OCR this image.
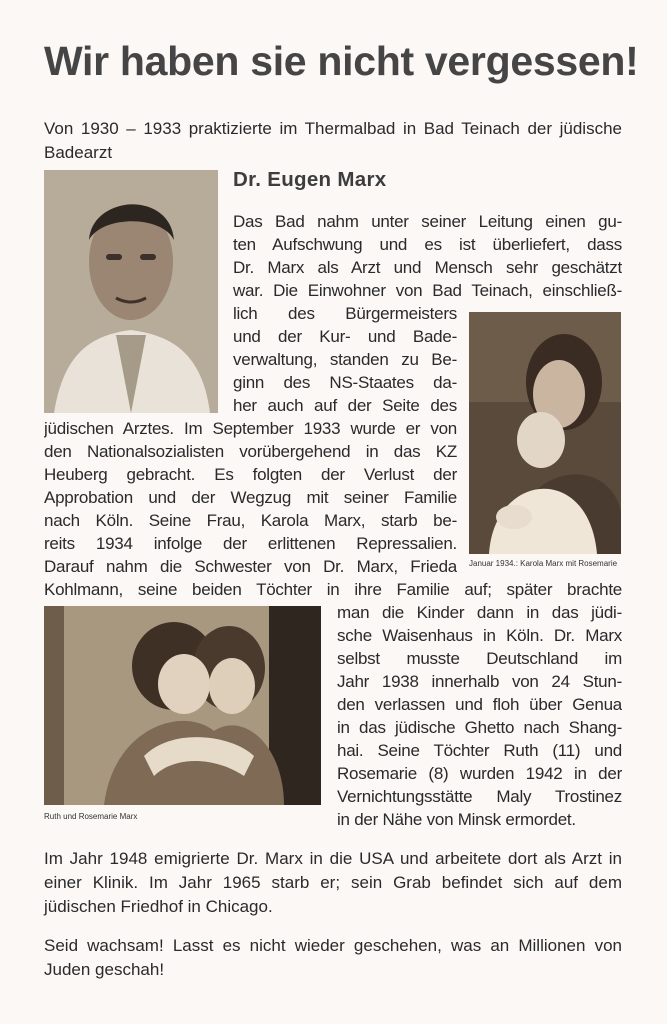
Wir haben sie nicht vergessen!

Von 1930 – 1933 praktizierte im Thermalbad in Bad Teinach der jüdische Badearzt

Dr. Eugen Marx
Januar 1934.: Karola Marx mit Rosemarie
Ruth und Rosemarie Marx
Das Bad nahm unter seiner Leitung einen gu-
ten Aufschwung und es ist überliefert, dass
Dr. Marx als Arzt und Mensch sehr geschätzt
war. Die Einwohner von Bad Teinach, einschließ-
lich des Bürgermeisters
und der Kur- und Bade-
verwaltung, standen zu Be-
ginn des NS-Staates da-
her auch auf der Seite des
jüdischen Arztes. Im September 1933 wurde er von
den Nationalsozialisten vorübergehend in das KZ
Heuberg gebracht. Es folgten der Verlust der
Approbation und der Wegzug mit seiner Familie
nach Köln. Seine Frau, Karola Marx, starb be-
reits 1934 infolge der erlittenen Repressalien.
Darauf nahm die Schwester von Dr. Marx, Frieda
Kohlmann, seine beiden Töchter in ihre Familie auf; später brachte
man die Kinder dann in das jüdi-
sche Waisenhaus in Köln. Dr. Marx
selbst musste Deutschland im
Jahr 1938 innerhalb von 24 Stun-
den verlassen und floh über Genua
in das jüdische Ghetto nach Shang-
hai. Seine Töchter Ruth (11) und
Rosemarie (8) wurden 1942 in der
Vernichtungsstätte Maly Trostinez
in der Nähe von Minsk ermordet.

Im Jahr 1948 emigrierte Dr. Marx in die USA und arbeitete dort als Arzt in einer Klinik. Im Jahr 1965 starb er; sein Grab befindet sich auf dem jüdischen Friedhof in Chicago.

Seid wachsam! Lasst es nicht wieder geschehen, was an Millionen von Juden geschah!
